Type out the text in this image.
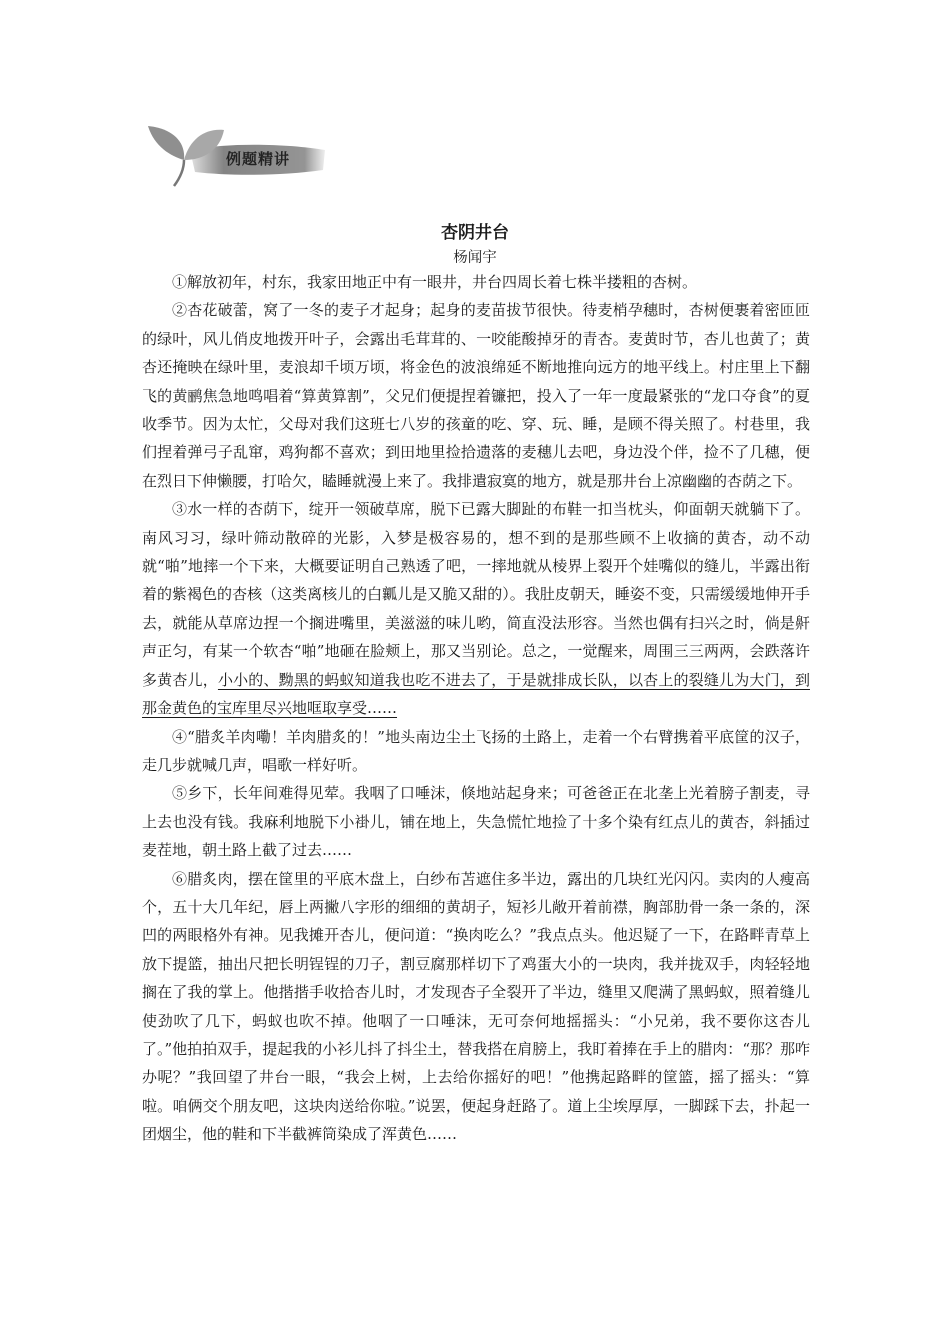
例题精讲
杏阴井台
杨闻宇

①解放初年，村东，我家田地正中有一眼井，井台四周长着七株半搂粗的杏树。

②杏花破蕾，窝了一冬的麦子才起身；起身的麦苗拔节很快。待麦梢孕穗时，杏树便裹着密匝匝的绿叶，风儿俏皮地拨开叶子，会露出毛茸茸的、一咬能酸掉牙的青杏。麦黄时节，杏儿也黄了；黄杏还掩映在绿叶里，麦浪却千顷万顷，将金色的波浪绵延不断地推向远方的地平线上。村庄里上下翻飞的黄鹂焦急地鸣唱着“算黄算割”，父兄们便提捏着镰把，投入了一年一度最紧张的“龙口夺食”的夏收季节。因为太忙，父母对我们这班七八岁的孩童的吃、穿、玩、睡，是顾不得关照了。村巷里，我们捏着弹弓子乱窜，鸡狗都不喜欢；到田地里捡拾遗落的麦穗儿去吧，身边没个伴，捡不了几穗，便在烈日下伸懒腰，打哈欠，瞌睡就漫上来了。我排遣寂寞的地方，就是那井台上凉幽幽的杏荫之下。

③水一样的杏荫下，绽开一领破草席，脱下已露大脚趾的布鞋一扣当枕头，仰面朝天就躺下了。南风习习，绿叶筛动散碎的光影，入梦是极容易的，想不到的是那些顾不上收摘的黄杏，动不动就“啪”地摔一个下来，大概要证明自己熟透了吧，一摔地就从棱界上裂开个娃嘴似的缝儿，半露出衔着的紫褐色的杏核（这类离核儿的白瓤儿是又脆又甜的）。我肚皮朝天，睡姿不变，只需缓缓地伸开手去，就能从草席边捏一个搁进嘴里，美滋滋的味儿哟，简直没法形容。当然也偶有扫兴之时，倘是鼾声正匀，有某一个软杏“啪”地砸在脸颊上，那又当别论。总之，一觉醒来，周围三三两两，会跌落许多黄杏儿，小小的、黝黑的蚂蚁知道我也吃不进去了，于是就排成长队，以杏上的裂缝儿为大门，到那金黄色的宝库里尽兴地哐取享受……

④“腊炙羊肉嘞！羊肉腊炙的！”地头南边尘土飞扬的土路上，走着一个右臂携着平底筐的汉子，走几步就喊几声，唱歌一样好听。

⑤乡下，长年间难得见荤。我咽了口唾沫，倏地站起身来；可爸爸正在北垄上光着膀子割麦，寻上去也没有钱。我麻利地脱下小褂儿，铺在地上，失急慌忙地捡了十多个染有红点儿的黄杏，斜插过麦茬地，朝土路上截了过去……

⑥腊炙肉，摆在筐里的平底木盘上，白纱布苫遮住多半边，露出的几块红光闪闪。卖肉的人瘦高个，五十大几年纪，唇上两撇八字形的细细的黄胡子，短衫儿敞开着前襟，胸部肋骨一条一条的，深凹的两眼格外有神。见我摊开杏儿，便问道：“换肉吃么？”我点点头。他迟疑了一下，在路畔青草上放下提篮，抽出尺把长明锃锃的刀子，割豆腐那样切下了鸡蛋大小的一块肉，我并拢双手，肉轻轻地搁在了我的掌上。他揩揩手收拾杏儿时，才发现杏子全裂开了半边，缝里又爬满了黑蚂蚁，照着缝儿使劲吹了几下，蚂蚁也吹不掉。他咽了一口唾沫，无可奈何地摇摇头：“小兄弟，我不要你这杏儿了。”他拍拍双手，提起我的小衫儿抖了抖尘土，替我搭在肩膀上，我盯着捧在手上的腊肉：“那？那咋办呢？”我回望了井台一眼，“我会上树，上去给你摇好的吧！”他携起路畔的筐篮，摇了摇头：“算啦。咱俩交个朋友吧，这块肉送给你啦。”说罢，便起身赶路了。道上尘埃厚厚，一脚踩下去，扑起一团烟尘，他的鞋和下半截裤筒染成了浑黄色……
